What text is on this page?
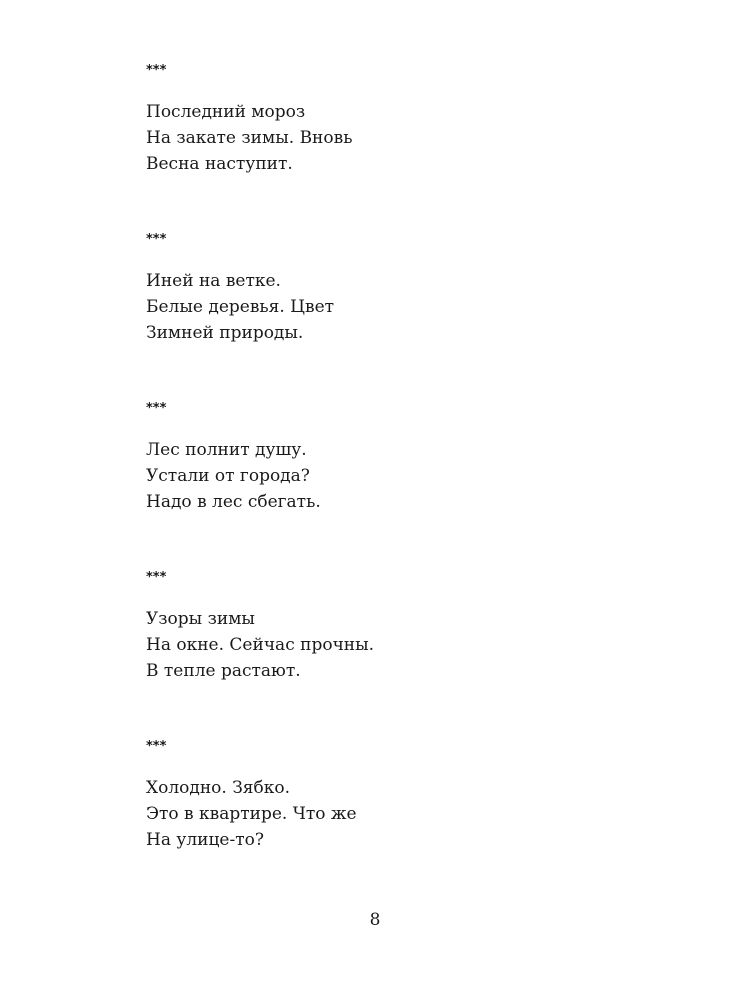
***
Последний мороз
На закате зимы. Вновь
Весна наступит.
***
Иней на ветке.
Белые деревья. Цвет
Зимней природы.
***
Лес полнит душу.
Устали от города?
Надо в лес сбегать.
***
Узоры зимы
На окне. Сейчас прочны.
В тепле растают.
***
Холодно. Зябко.
Это в квартире. Что же
На улице-то?
8
